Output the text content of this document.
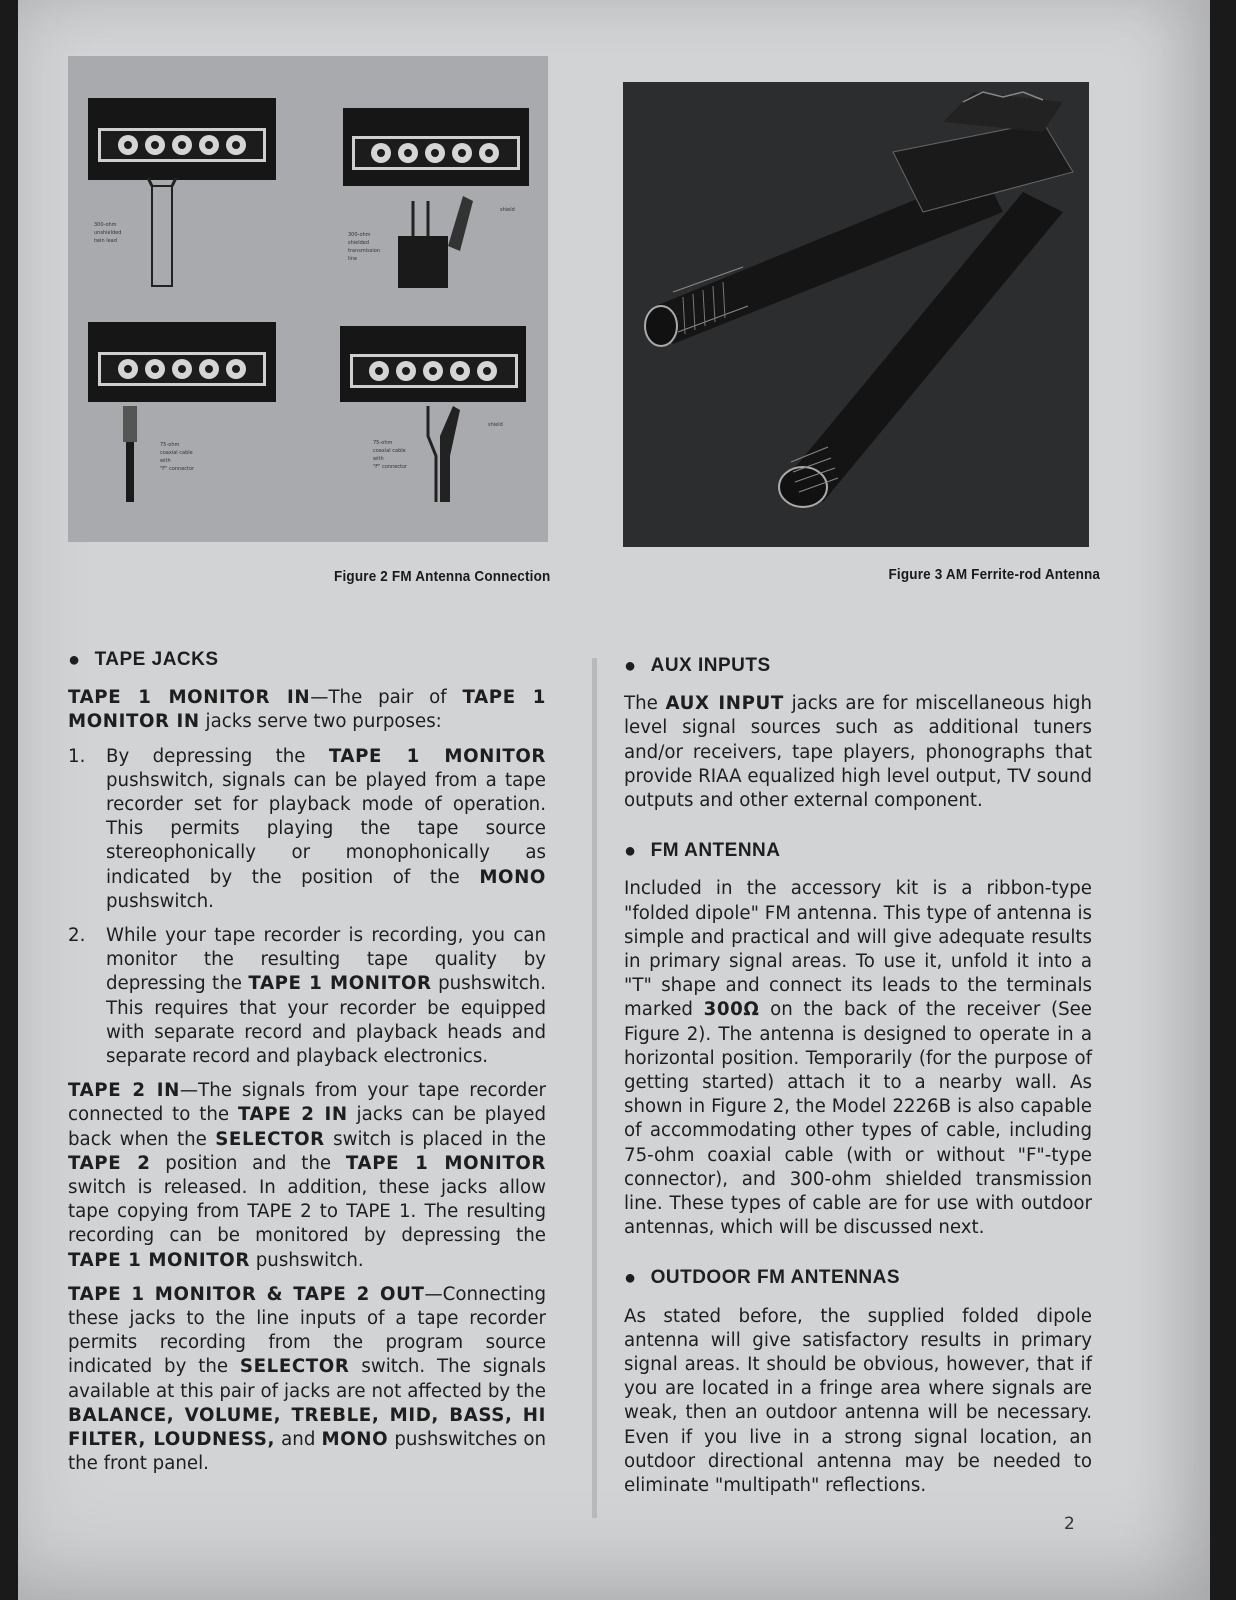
300-ohm
unshielded
twin lead
300-ohm
shielded
transmission
line
shield
75-ohm
coaxial cable
with
"F" connector
75-ohm
coaxial cable
with
"F" connector
shield
Figure 2 FM Antenna Connection	Figure 3 AM Ferrite-rod Antenna
● TAPE JACKS

TAPE 1 MONITOR IN—The pair of TAPE 1 MONITOR IN jacks serve two purposes:

1. By depressing the TAPE 1 MONITOR pushswitch, signals can be played from a tape recorder set for playback mode of operation. This permits playing the tape source stereophonically or monophonically as indicated by the position of the MONO pushswitch.
2. While your tape recorder is recording, you can monitor the resulting tape quality by depressing the TAPE 1 MONITOR pushswitch. This requires that your recorder be equipped with separate record and playback heads and separate record and playback electronics.

TAPE 2 IN—The signals from your tape recorder connected to the TAPE 2 IN jacks can be played back when the SELECTOR switch is placed in the TAPE 2 position and the TAPE 1 MONITOR switch is released. In addition, these jacks allow tape copying from TAPE 2 to TAPE 1. The resulting recording can be monitored by depressing the TAPE 1 MONITOR pushswitch.

TAPE 1 MONITOR & TAPE 2 OUT—Connecting these jacks to the line inputs of a tape recorder permits recording from the program source indicated by the SELECTOR switch. The signals available at this pair of jacks are not affected by the BALANCE, VOLUME, TREBLE, MID, BASS, HI FILTER, LOUDNESS, and MONO pushswitches on the front panel.

● AUX INPUTS

The AUX INPUT jacks are for miscellaneous high level signal sources such as additional tuners and/or receivers, tape players, phonographs that provide RIAA equalized high level output, TV sound outputs and other external component.

● FM ANTENNA

Included in the accessory kit is a ribbon-type "folded dipole" FM antenna. This type of antenna is simple and practical and will give adequate results in primary signal areas. To use it, unfold it into a "T" shape and connect its leads to the terminals marked 300Ω on the back of the receiver (See Figure 2). The antenna is designed to operate in a horizontal position. Temporarily (for the purpose of getting started) attach it to a nearby wall. As shown in Figure 2, the Model 2226B is also capable of accommodating other types of cable, including 75-ohm coaxial cable (with or without "F"-type connector), and 300-ohm shielded transmission line. These types of cable are for use with outdoor antennas, which will be discussed next.

● OUTDOOR FM ANTENNAS

As stated before, the supplied folded dipole antenna will give satisfactory results in primary signal areas. It should be obvious, however, that if you are located in a fringe area where signals are weak, then an outdoor antenna will be necessary. Even if you live in a strong signal location, an outdoor directional antenna may be needed to eliminate "multipath" reflections.

2
